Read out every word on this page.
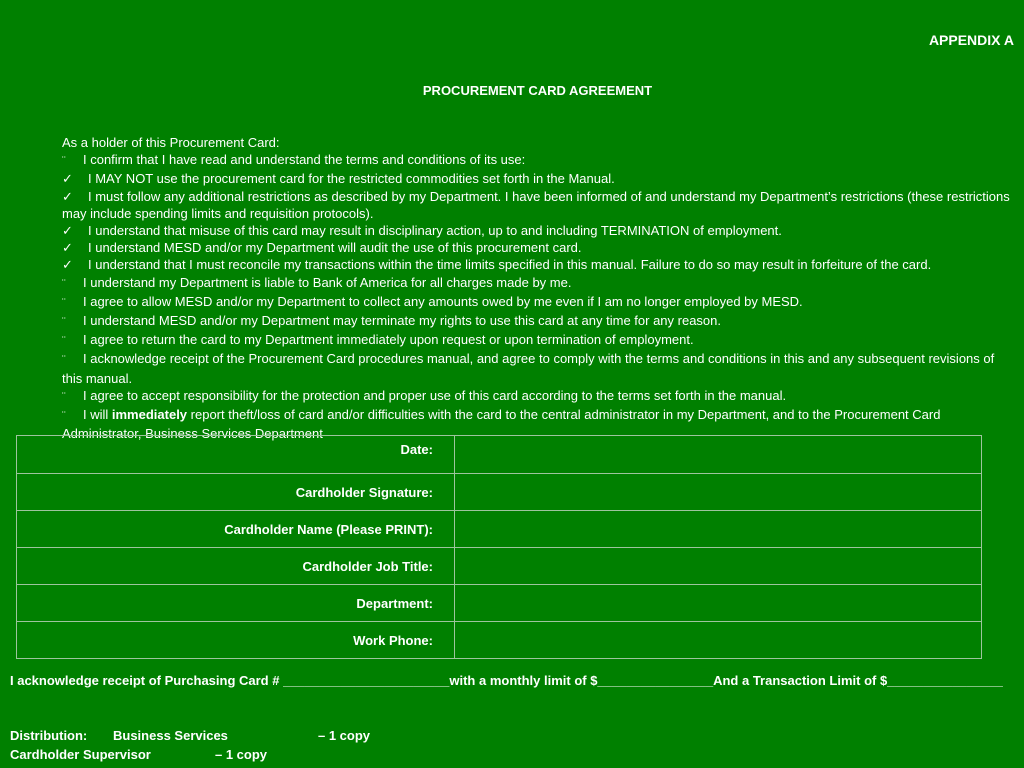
APPENDIX A
PROCUREMENT CARD AGREEMENT

As a holder of this Procurement Card:

¨ I confirm that I have read and understand the terms and conditions of its use:
✓ I MAY NOT use the procurement card for the restricted commodities set forth in the Manual.
✓ I must follow any additional restrictions as described by my Department. I have been informed of and understand my Department’s restrictions (these restrictions may include spending limits and requisition protocols).
✓ I understand that misuse of this card may result in disciplinary action, up to and including TERMINATION of employment.
✓ I understand MESD and/or my Department will audit the use of this procurement card.
✓ I understand that I must reconcile my transactions within the time limits specified in this manual. Failure to do so may result in forfeiture of the card.
¨ I understand my Department is liable to Bank of America for all charges made by me.
¨ I agree to allow MESD and/or my Department to collect any amounts owed by me even if I am no longer employed by MESD.
¨ I understand MESD and/or my Department may terminate my rights to use this card at any time for any reason.
¨ I agree to return the card to my Department immediately upon request or upon termination of employment.
¨ I acknowledge receipt of the Procurement Card procedures manual, and agree to comply with the terms and conditions in this and any subsequent revisions of this manual.
¨ I agree to accept responsibility for the protection and proper use of this card according to the terms set forth in the manual.
¨ I will immediately report theft/loss of card and/or difficulties with the card to the central administrator in my Department, and to the Procurement Card Administrator, Business Services Department
Date:	
Cardholder Signature:	
Cardholder Name (Please PRINT):	
Cardholder Job Title:	
Department:	
Work Phone:	
I acknowledge receipt of Purchasing Card # _______________________with a monthly limit of $________________And a Transaction Limit of $________________
Distribution: Business Services	– 1 copy
Cardholder Supervisor	– 1 copy
